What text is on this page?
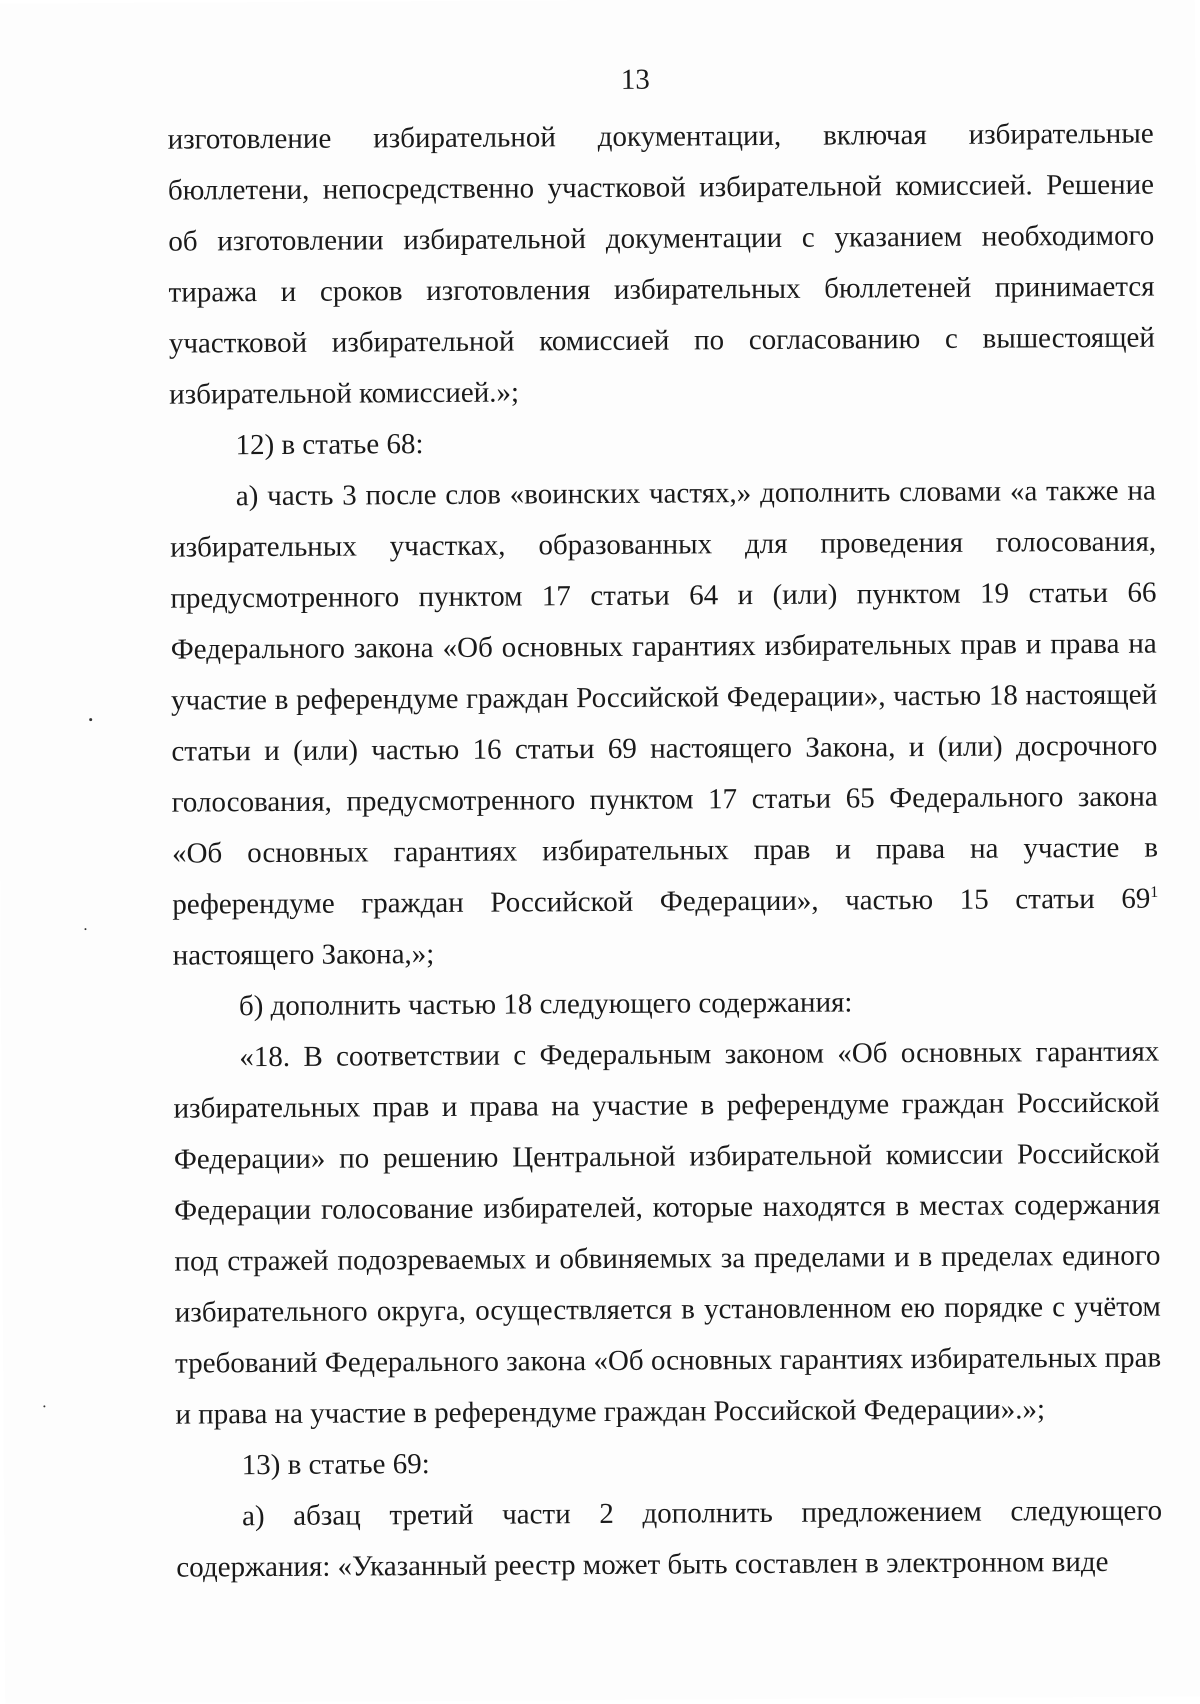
13

изготовление избирательной документации, включая избирательные бюллетени, непосредственно участковой избирательной комиссией. Решение об изготовлении избирательной документации с указанием необходимого тиража и сроков изготовления избирательных бюллетеней принимается участковой избирательной комиссией по согласованию с вышестоящей избирательной комиссией.»;

12) в статье 68:

а) часть 3 после слов «воинских частях,» дополнить словами «а также на избирательных участках, образованных для проведения голосования, предусмотренного пунктом 17 статьи 64 и (или) пунктом 19 статьи 66 Федерального закона «Об основных гарантиях избирательных прав и права на участие в референдуме граждан Российской Федерации», частью 18 настоящей статьи и (или) частью 16 статьи 69 настоящего Закона, и (или) досрочного голосования, предусмотренного пунктом 17 статьи 65 Федерального закона «Об основных гарантиях избирательных прав и права на участие в референдуме граждан Российской Федерации», частью 15 статьи $69^1$ настоящего Закона,»;

б) дополнить частью 18 следующего содержания:

«18. В соответствии с Федеральным законом «Об основных гарантиях избирательных прав и права на участие в референдуме граждан Российской Федерации» по решению Центральной избирательной комиссии Российской Федерации голосование избирателей, которые находятся в местах содержания под стражей подозреваемых и обвиняемых за пределами и в пределах единого избирательного округа, осуществляется в установленном ею порядке с учётом требований Федерального закона «Об основных гарантиях избирательных прав и права на участие в референдуме граждан Российской Федерации».»;

13) в статье 69:

а) абзац третий части 2 дополнить предложением следующего содержания: «Указанный реестр может быть составлен в электронном виде
